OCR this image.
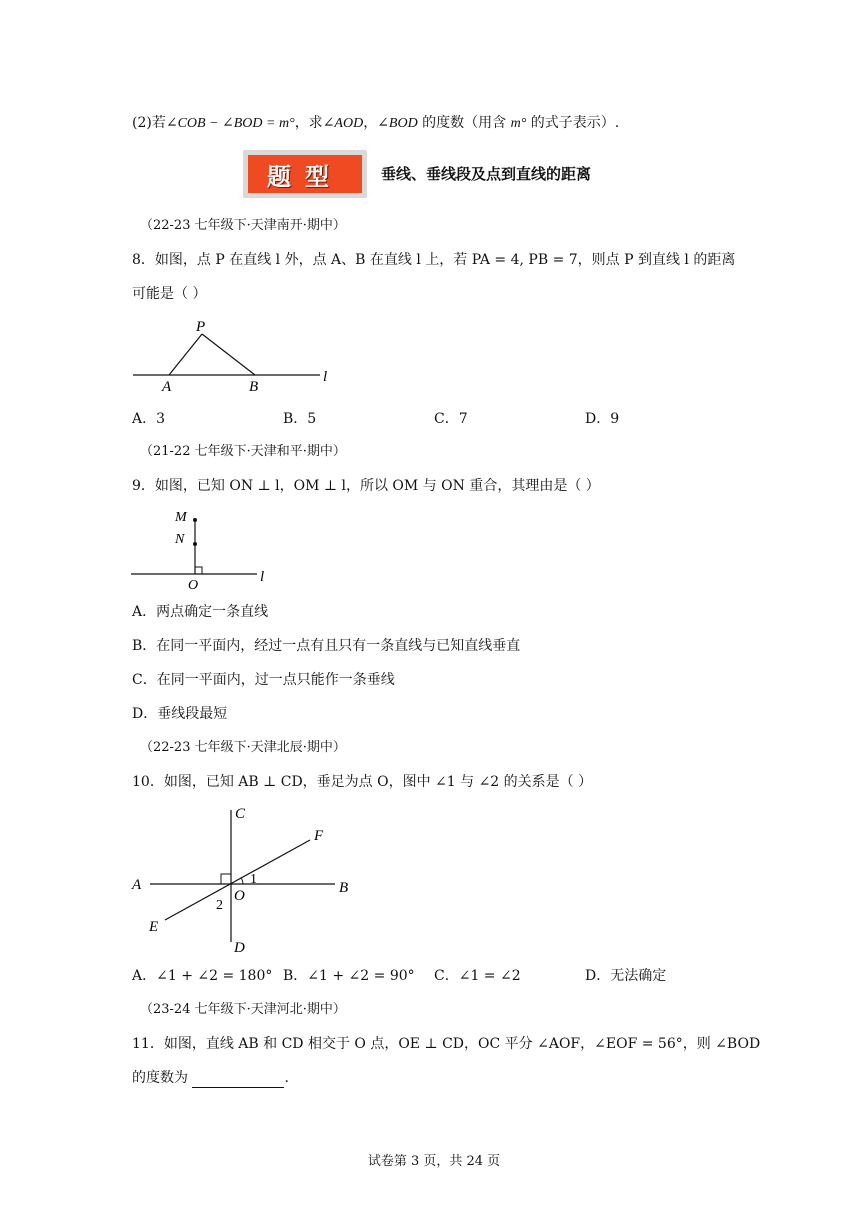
(2)若∠COB − ∠BOD = m°，求∠AOD，∠BOD 的度数（用含 m° 的式子表示）.
题型	垂线、垂线段及点到直线的距离
（22-23 七年级下·天津南开·期中）
8．如图，点 P 在直线 l 外，点 A、B 在直线 l 上，若 PA = 4, PB = 7，则点 P 到直线 l 的距离
可能是（ ）
P
A	B
l
A．3	B．5	C．7	D．9
（21-22 七年级下·天津和平·期中）
9．如图，已知 ON ⊥ l，OM ⊥ l，所以 OM 与 ON 重合，其理由是（ ）
M
N
O
l
A．两点确定一条直线
B．在同一平面内，经过一点有且只有一条直线与已知直线垂直
C．在同一平面内，过一点只能作一条垂线
D．垂线段最短
（22-23 七年级下·天津北辰·期中）
10．如图，已知 AB ⊥ CD，垂足为点 O，图中 ∠1 与 ∠2 的关系是（ ）
C
F
A	B
O
E
D
1
2
A．∠1 + ∠2 = 180° B．∠1 + ∠2 = 90° C．∠1 = ∠2	D．无法确定
（23-24 七年级下·天津河北·期中）
11．如图，直线 AB 和 CD 相交于 O 点，OE ⊥ CD，OC 平分 ∠AOF，∠EOF = 56°，则 ∠BOD
的度数为	.
试卷第 3 页，共 24 页
